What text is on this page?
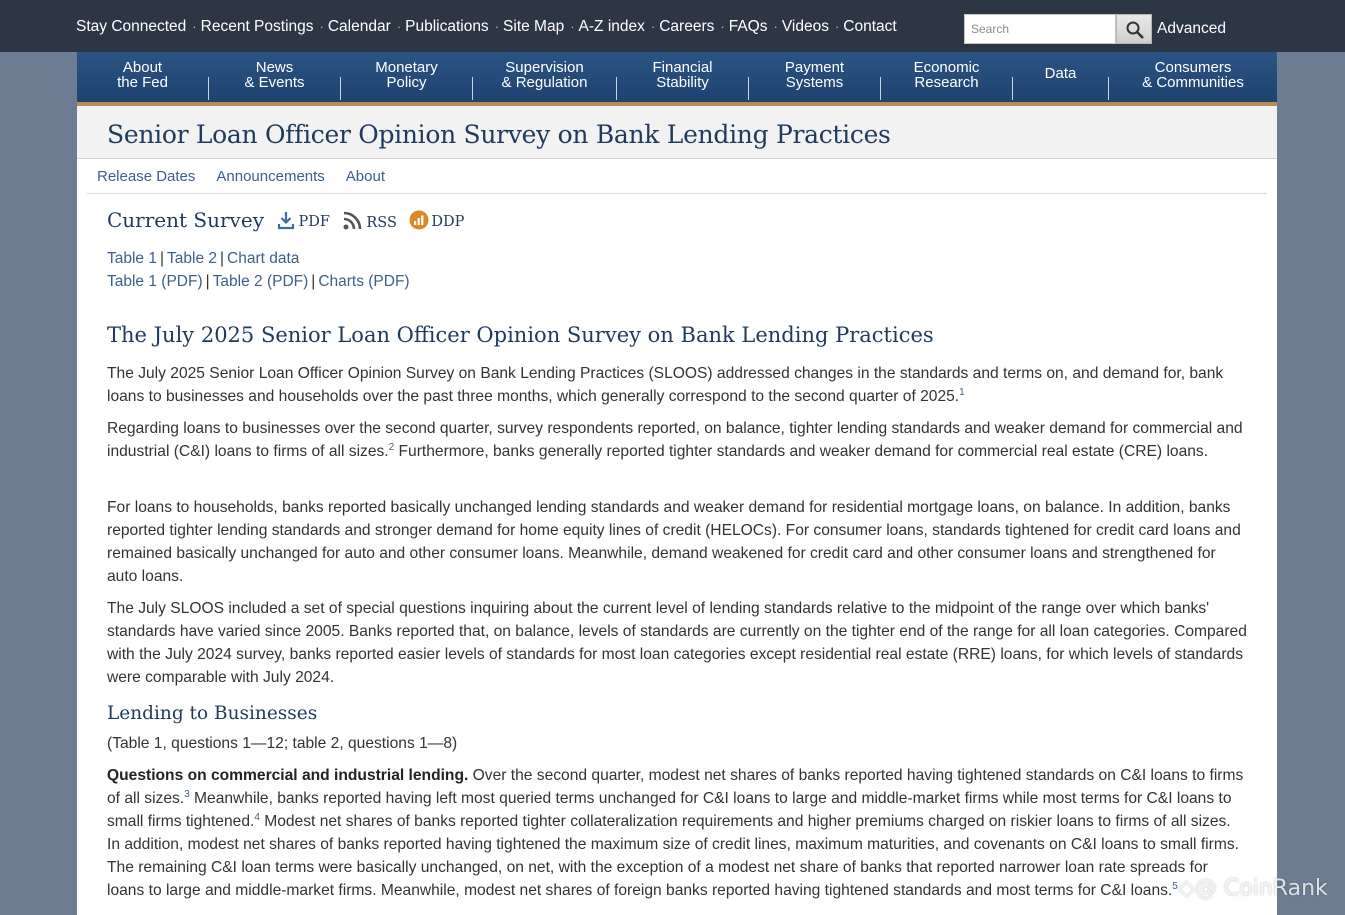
Stay Connected · Recent Postings · Calendar · Publications · Site Map · A-Z index · Careers · FAQs · Videos · Contact
Search	Advanced
About
the Fed
News
& Events
Monetary
Policy
Supervision
& Regulation
Financial
Stability
Payment
Systems
Economic
Research
Data	Consumers
& Communities
Senior Loan Officer Opinion Survey on Bank Lending Practices
Release Dates Announcements About
Current Survey PDF	RSS DDP
Table 1 | Table 2 | Chart data
Table 1 (PDF) | Table 2 (PDF) | Charts (PDF)
The July 2025 Senior Loan Officer Opinion Survey on Bank Lending Practices

The July 2025 Senior Loan Officer Opinion Survey on Bank Lending Practices (SLOOS) addressed changes in the standards and terms on, and demand for, bank loans to businesses and households over the past three months, which generally correspond to the second quarter of 2025.$^1$

Regarding loans to businesses over the second quarter, survey respondents reported, on balance, tighter lending standards and weaker demand for commercial and industrial (C&I) loans to firms of all sizes.$^2$ Furthermore, banks generally reported tighter standards and weaker demand for commercial real estate (CRE) loans.

For loans to households, banks reported basically unchanged lending standards and weaker demand for residential mortgage loans, on balance. In addition, banks reported tighter lending standards and stronger demand for home equity lines of credit (HELOCs). For consumer loans, standards tightened for credit card loans and remained basically unchanged for auto and other consumer loans. Meanwhile, demand weakened for credit card and other consumer loans and strengthened for auto loans.

The July SLOOS included a set of special questions inquiring about the current level of lending standards relative to the midpoint of the range over which banks' standards have varied since 2005. Banks reported that, on balance, levels of standards are currently on the tighter end of the range for all loan categories. Compared with the July 2024 survey, banks reported easier levels of standards for most loan categories except residential real estate (RRE) loans, for which levels of standards were comparable with July 2024.

Lending to Businesses

(Table 1, questions 1—12; table 2, questions 1—8)

Questions on commercial and industrial lending. Over the second quarter, modest net shares of banks reported having tightened standards on C&I loans to firms of all sizes.$^3$ Meanwhile, banks reported having left most queried terms unchanged for C&I loans to large and middle-market firms while most terms for C&I loans to small firms tightened.$^4$ Modest net shares of banks reported tighter collateralization requirements and higher premiums charged on riskier loans to firms of all sizes. In addition, modest net shares of banks reported having tightened the maximum size of credit lines, maximum maturities, and covenants on C&I loans to small firms. The remaining C&I loan terms were basically unchanged, on net, with the exception of a modest net share of banks that reported narrower loan rate spreads for loans to large and middle-market firms. Meanwhile, modest net shares of foreign banks reported having tightened standards and most terms for C&I loans.$^5$ ◇@ CoinRank
